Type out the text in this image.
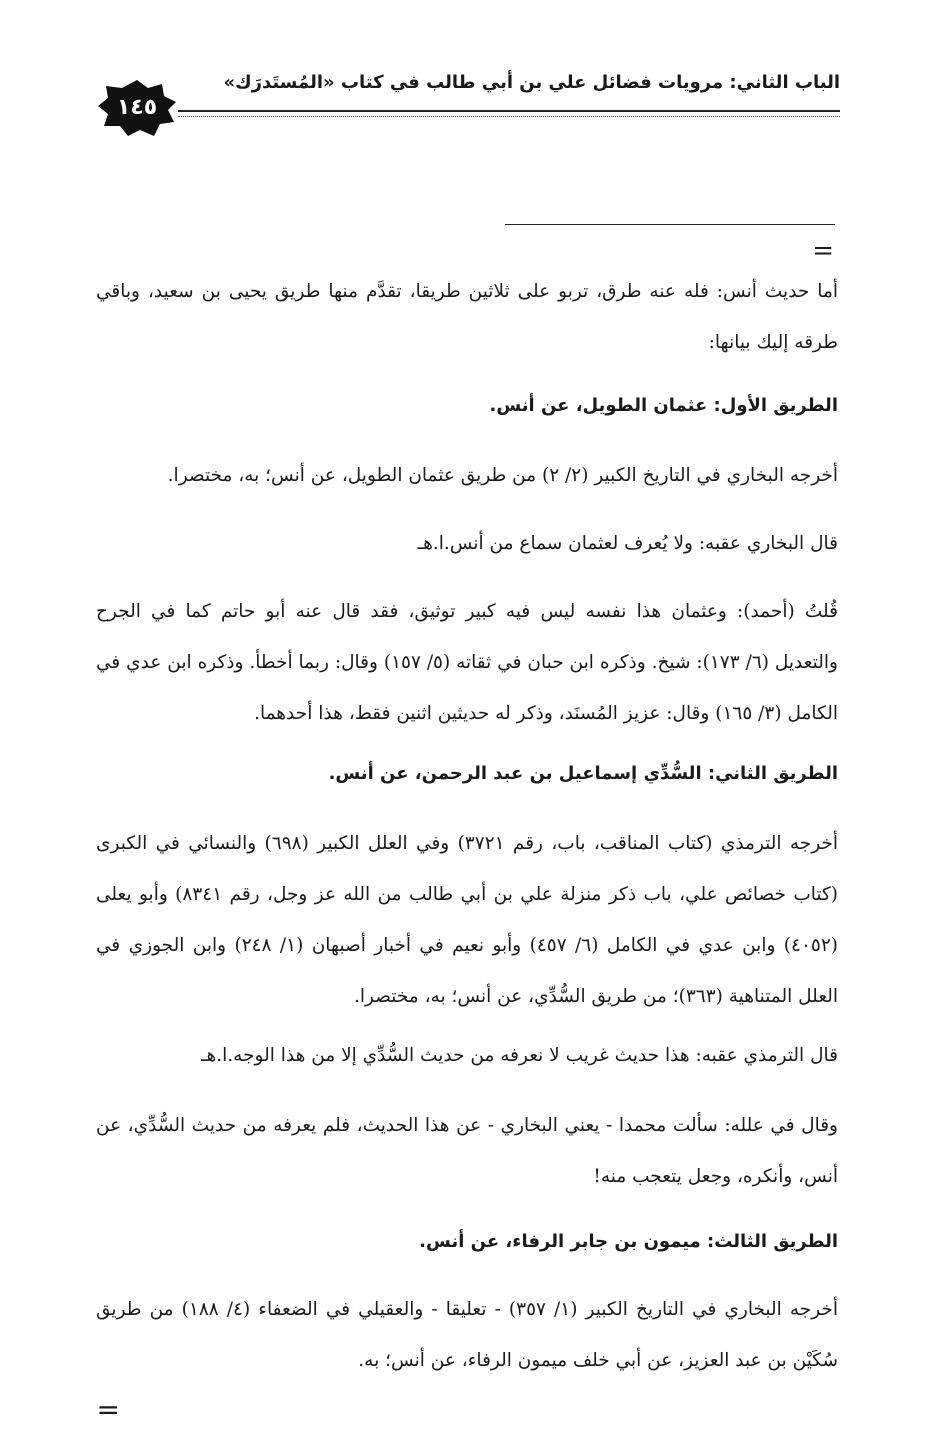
الباب الثاني: مرويات فضائل علي بن أبي طالب في كتاب «المُستَدرَك»
١٤٥
=
أما حديث أنس: فله عنه طرق، تربو على ثلاثين طريقا، تقدَّم منها طريق يحيى بن سعيد، وباقي طرقه إليك بيانها:
الطريق الأول: عثمان الطويل، عن أنس.
أخرجه البخاري في التاريخ الكبير (٢/ ٢) من طريق عثمان الطويل، عن أنس؛ به، مختصرا.
قال البخاري عقبه: ولا يُعرف لعثمان سماع من أنس.ا.هـ
قُلتُ (أحمد): وعثمان هذا نفسه ليس فيه كبير توثيق، فقد قال عنه أبو حاتم كما في الجرح والتعديل (٦/ ١٧٣): شيخ. وذكره ابن حبان في ثقاته (٥/ ١٥٧) وقال: ربما أخطأ. وذكره ابن عدي في الكامل (٣/ ١٦٥) وقال: عزيز المُسنَد، وذكر له حديثين اثنين فقط، هذا أحدهما.
الطريق الثاني: السُّدِّي إسماعيل بن عبد الرحمن، عن أنس.
أخرجه الترمذي (كتاب المناقب، باب، رقم ٣٧٢١) وفي العلل الكبير (٦٩٨) والنسائي في الكبرى (كتاب خصائص علي، باب ذكر منزلة علي بن أبي طالب من الله عز وجل، رقم ٨٣٤١) وأبو يعلى (٤٠٥٢) وابن عدي في الكامل (٦/ ٤٥٧) وأبو نعيم في أخبار أصبهان (١/ ٢٤٨) وابن الجوزي في العلل المتناهية (٣٦٣)؛ من طريق السُّدِّي، عن أنس؛ به، مختصرا.
قال الترمذي عقبه: هذا حديث غريب لا نعرفه من حديث السُّدِّي إلا من هذا الوجه.ا.هـ
وقال في علله: سألت محمدا - يعني البخاري - عن هذا الحديث، فلم يعرفه من حديث السُّدِّي، عن أنس، وأنكره، وجعل يتعجب منه!
الطريق الثالث: ميمون بن جابر الرفاء، عن أنس.
أخرجه البخاري في التاريخ الكبير (١/ ٣٥٧) - تعليقا - والعقيلي في الضعفاء (٤/ ١٨٨) من طريق سُكَيْن بن عبد العزيز، عن أبي خلف ميمون الرفاء، عن أنس؛ به.
=
